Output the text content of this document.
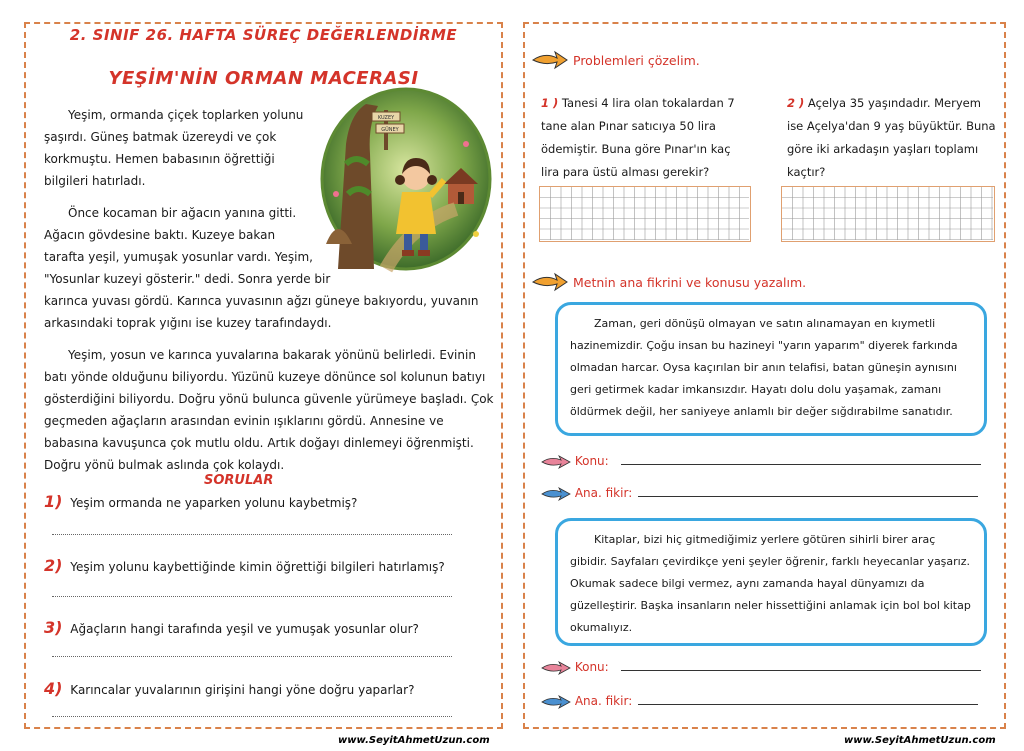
2. SINIF 26. HAFTA SÜREÇ DEĞERLENDİRME
YEŞİM'NİN ORMAN MACERASI
KUZEY
GÜNEY

Yeşim, ormanda çiçek toplarken yolunu
şaşırdı. Güneş batmak üzereydi ve çok
korkmuştu. Hemen babasının öğrettiği
bilgileri hatırladı.

Önce kocaman bir ağacın yanına gitti.
Ağacın gövdesine baktı. Kuzeye bakan
tarafta yeşil, yumuşak yosunlar vardı. Yeşim,
"Yosunlar kuzeyi gösterir." dedi. Sonra yerde bir
karınca yuvası gördü. Karınca yuvasının ağzı güneye bakıyordu, yuvanın
arkasındaki toprak yığını ise kuzey tarafındaydı.

Yeşim, yosun ve karınca yuvalarına bakarak yönünü belirledi. Evinin
batı yönde olduğunu biliyordu. Yüzünü kuzeye dönünce sol kolunun batıyı
gösterdiğini biliyordu. Doğru yönü bulunca güvenle yürümeye başladı. Çok
geçmeden ağaçların arasından evinin ışıklarını gördü. Annesine ve
babasına kavuşunca çok mutlu oldu. Artık doğayı dinlemeyi öğrenmişti.
Doğru yönü bulmak aslında çok kolaydı.

SORULAR
1) Yeşim ormanda ne yaparken yolunu kaybetmiş?
2) Yeşim yolunu kaybettiğinde kimin öğrettiği bilgileri hatırlamış?
3) Ağaçların hangi tarafında yeşil ve yumuşak yosunlar olur?
4) Karıncalar yuvalarının girişini hangi yöne doğru yaparlar?
www.SeyitAhmetUzun.com
Problemleri çözelim.
1 ) Tanesi 4 lira olan tokalardan 7
tane alan Pınar satıcıya 50 lira
ödemiştir. Buna göre Pınar'ın kaç
lira para üstü alması gerekir?
2 ) Açelya 35 yaşındadır. Meryem
ise Açelya'dan 9 yaş büyüktür. Buna
göre iki arkadaşın yaşları toplamı
kaçtır?
Metnin ana fikrini ve konusu yazalım.
Zaman, geri dönüşü olmayan ve satın alınamayan en kıymetli
hazinemizdir. Çoğu insan bu hazineyi "yarın yaparım" diyerek farkında
olmadan harcar. Oysa kaçırılan bir anın telafisi, batan güneşin aynısını
geri getirmek kadar imkansızdır. Hayatı dolu dolu yaşamak, zamanı
öldürmek değil, her saniyeye anlamlı bir değer sığdırabilme sanatıdır.
Konu:
Ana. fikir:
Kitaplar, bizi hiç gitmediğimiz yerlere götüren sihirli birer araç
gibidir. Sayfaları çevirdikçe yeni şeyler öğrenir, farklı heyecanlar yaşarız.
Okumak sadece bilgi vermez, aynı zamanda hayal dünyamızı da
güzelleştirir. Başka insanların neler hissettiğini anlamak için bol bol kitap
okumalıyız.
Konu:
Ana. fikir:
www.SeyitAhmetUzun.com
